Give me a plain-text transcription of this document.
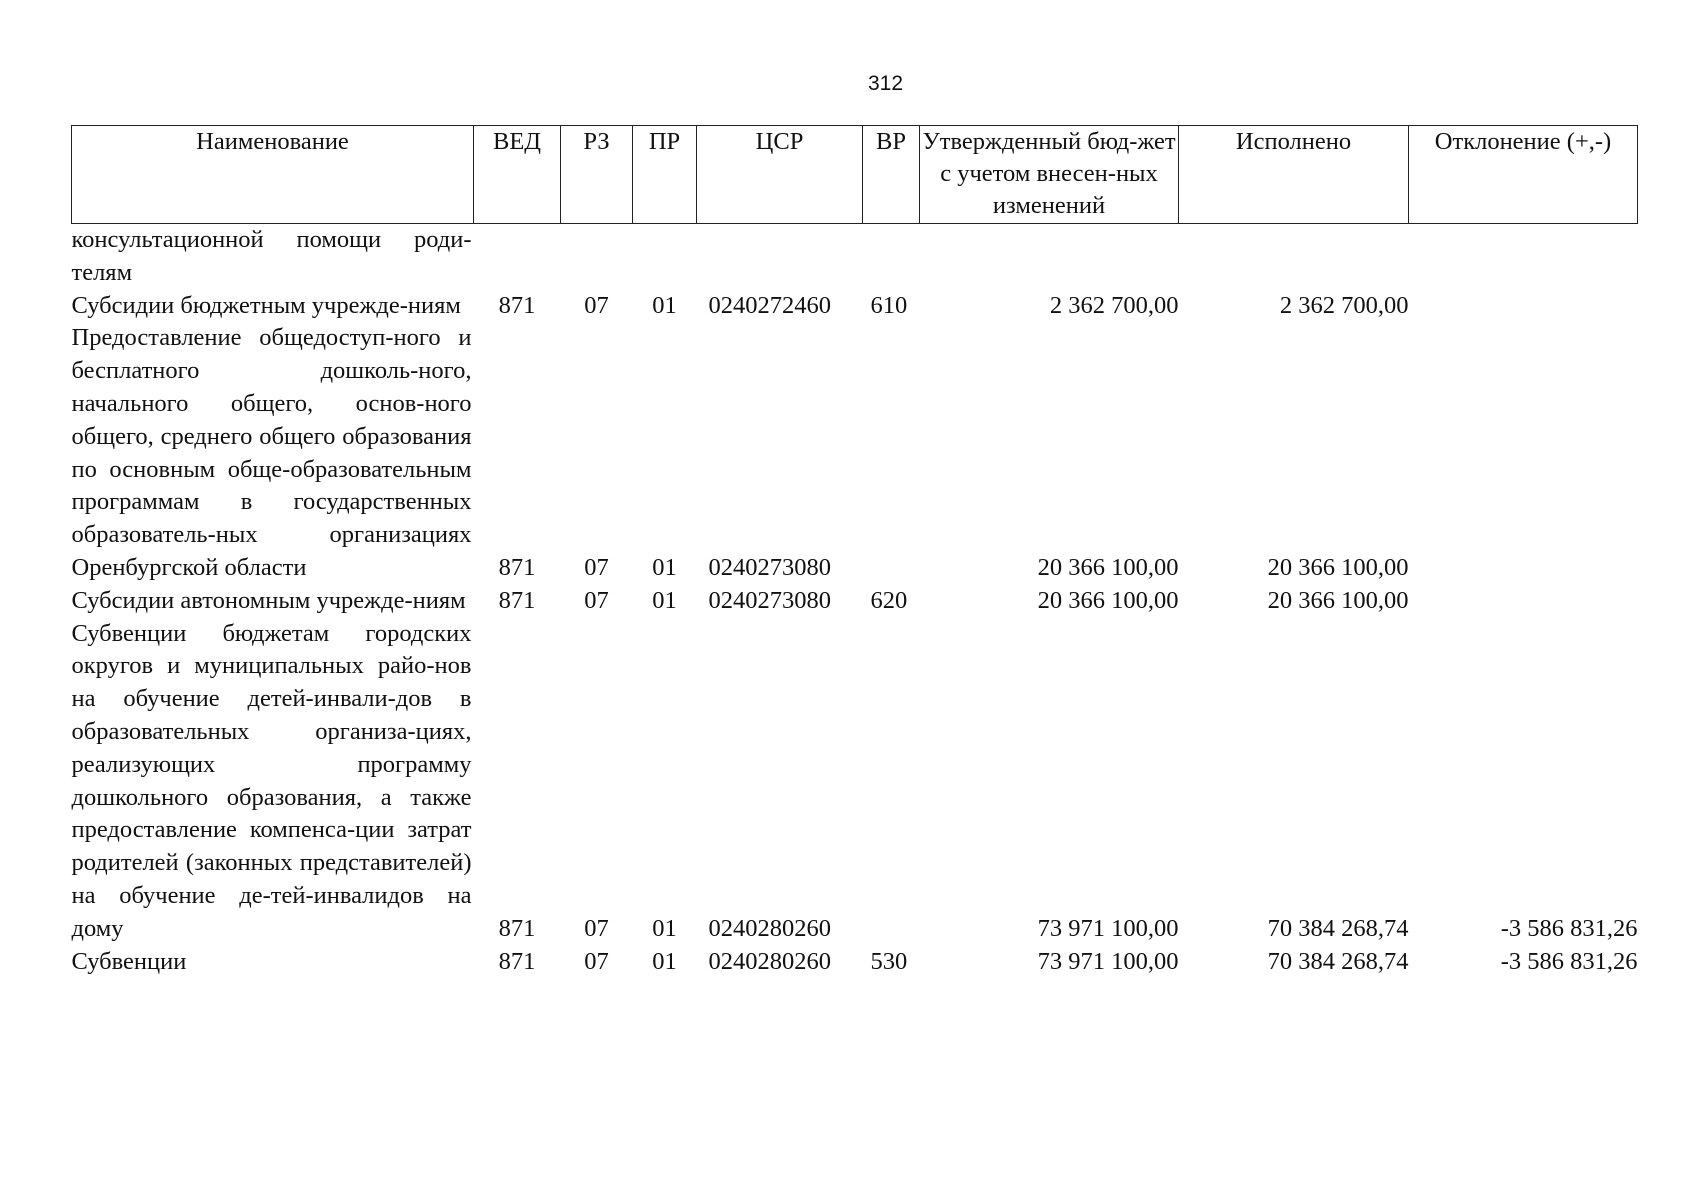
312
Наименование	ВЕД	РЗ	ПР	ЦСР	ВР	Утвержденный бюд-жет с учетом внесен-ных изменений	Исполнено	Отклонение (+,-)
консультационной помощи роди-телям								
Субсидии бюджетным учрежде-ниям	871	07	01	0240272460	610	2 362 700,00	2 362 700,00	
Предоставление общедоступ-ного и бесплатного дошколь-ного, начального общего, основ-ного общего, среднего общего образования по основным обще-образовательным программам в государственных образователь-ных организациях Оренбургской области	871	07	01	0240273080		20 366 100,00	20 366 100,00	
Субсидии автономным учрежде-ниям	871	07	01	0240273080	620	20 366 100,00	20 366 100,00	
Субвенции бюджетам городских округов и муниципальных райо-нов на обучение детей-инвали-дов в образовательных организа-циях, реализующих программу дошкольного образования, а также предоставление компенса-ции затрат родителей (законных представителей) на обучение де-тей-инвалидов на дому	871	07	01	0240280260		73 971 100,00	70 384 268,74	-3 586 831,26
Субвенции	871	07	01	0240280260	530	73 971 100,00	70 384 268,74	-3 586 831,26
